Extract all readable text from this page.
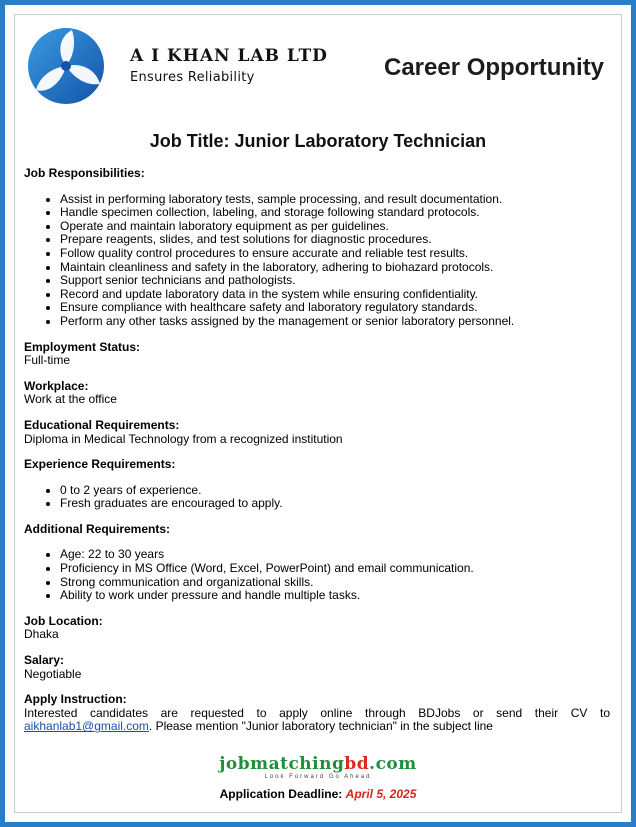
A I KHAN LAB LTD
Ensures Reliability	Career Opportunity
Job Title: Junior Laboratory Technician
Job Responsibilities:
• Assist in performing laboratory tests, sample processing, and result documentation.
• Handle specimen collection, labeling, and storage following standard protocols.
• Operate and maintain laboratory equipment as per guidelines.
• Prepare reagents, slides, and test solutions for diagnostic procedures.
• Follow quality control procedures to ensure accurate and reliable test results.
• Maintain cleanliness and safety in the laboratory, adhering to biohazard protocols.
• Support senior technicians and pathologists.
• Record and update laboratory data in the system while ensuring confidentiality.
• Ensure compliance with healthcare safety and laboratory regulatory standards.
• Perform any other tasks assigned by the management or senior laboratory personnel.
Employment Status:
Full-time
Workplace:
Work at the office
Educational Requirements:
Diploma in Medical Technology from a recognized institution
Experience Requirements:
• 0 to 2 years of experience.
• Fresh graduates are encouraged to apply.
Additional Requirements:
• Age: 22 to 30 years
• Proficiency in MS Office (Word, Excel, PowerPoint) and email communication.
• Strong communication and organizational skills.
• Ability to work under pressure and handle multiple tasks.
Job Location:
Dhaka
Salary:
Negotiable
Apply Instruction:
Interested candidates are requested to apply online through BDJobs or send their CV to aikhanlab1@gmail.com. Please mention "Junior laboratory technician" in the subject line
jobmatchingbd.com
Look Forward Go Ahead
Application Deadline: April 5, 2025
